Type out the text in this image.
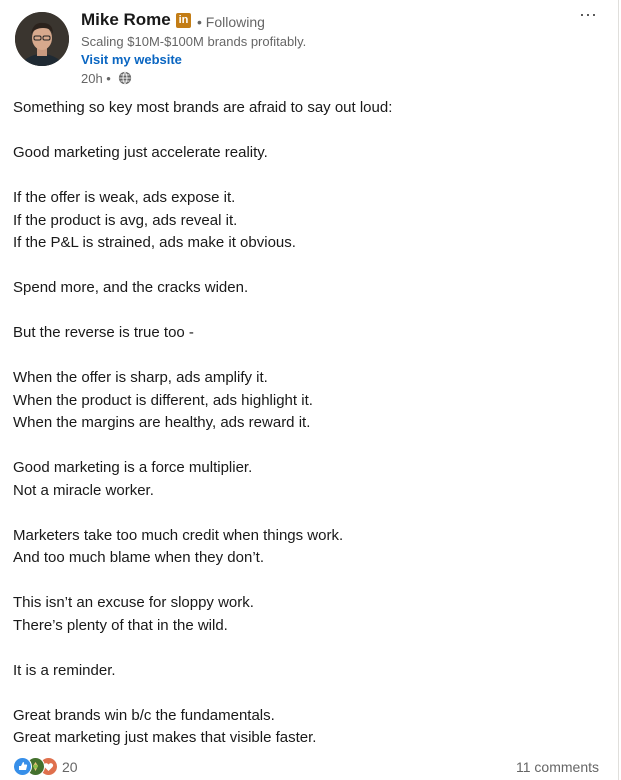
Mike Rome in • Following
Scaling $10M-$100M brands profitably.
Visit my website
20h •
···
Something so key most brands are afraid to say out loud:
Good marketing just accelerate reality.
If the offer is weak, ads expose it.
If the product is avg, ads reveal it.
If the P&L is strained, ads make it obvious.
Spend more, and the cracks widen.
But the reverse is true too -
When the offer is sharp, ads amplify it.
When the product is different, ads highlight it.
When the margins are healthy, ads reward it.
Good marketing is a force multiplier.
Not a miracle worker.
Marketers take too much credit when things work.
And too much blame when they don’t.
This isn’t an excuse for sloppy work.
There’s plenty of that in the wild.
It is a reminder.
Great brands win b/c the fundamentals.
Great marketing just makes that visible faster.
20	11 comments
